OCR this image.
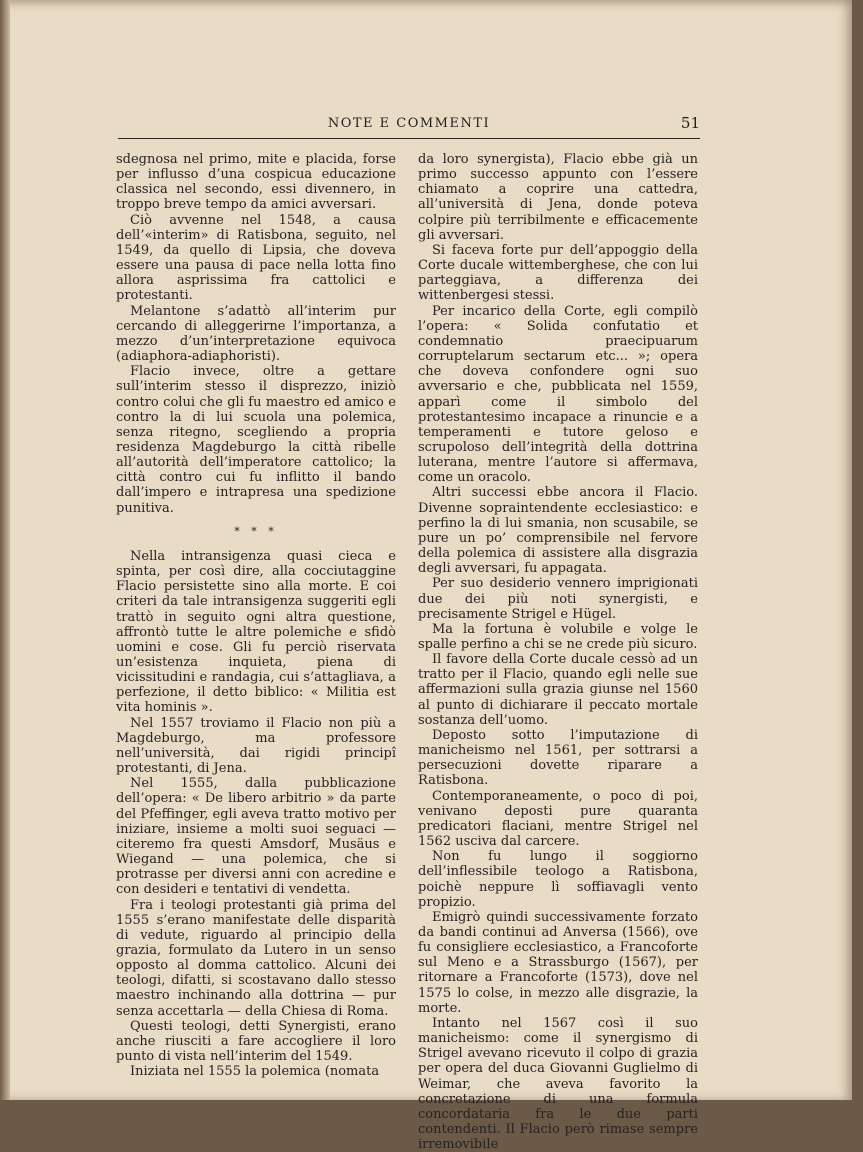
NOTE E COMMENTI	51

sdegnosa nel primo, mite e placida, forse per influsso d’una cospicua educazione classica nel secondo, essi divennero, in troppo breve tempo da amici avversari.

Ciò avvenne nel 1548, a causa dell’«interim» di Ratisbona, seguito, nel 1549, da quello di Lipsia, che doveva essere una pausa di pace nella lotta fino allora asprissima fra cattolici e protestanti.

Melantone s’adattò all’interim pur cercando di alleggerirne l’importanza, a mezzo d’un’interpretazione equivoca (adiaphora-adiaphoristi).

Flacio invece, oltre a gettare sull’interim stesso il disprezzo, iniziò contro colui che gli fu maestro ed amico e contro la di lui scuola una polemica, senza ritegno, scegliendo a propria residenza Magdeburgo la città ribelle all’autorità dell’imperatore cattolico; la città contro cui fu inflitto il bando dall’impero e intrapresa una spedizione punitiva.

* * *

Nella intransigenza quasi cieca e spinta, per così dire, alla cocciutaggine Flacio persistette sino alla morte. E coi criteri da tale intransigenza suggeriti egli trattò in seguito ogni altra questione, affrontò tutte le altre polemiche e sfidò uomini e cose. Gli fu perciò riservata un’esistenza inquieta, piena di vicissitudini e randagia, cui s’attagliava, a perfezione, il detto biblico: « Militia est vita hominis ».

Nel 1557 troviamo il Flacio non più a Magdeburgo, ma professore nell’università, dai rigidi principî protestanti, di Jena.

Nel 1555, dalla pubblicazione dell’opera: « De libero arbitrio » da parte del Pfeffinger, egli aveva tratto motivo per iniziare, insieme a molti suoi seguaci — citeremo fra questi Amsdorf, Musäus e Wiegand — una polemica, che si protrasse per diversi anni con acredine e con desideri e tentativi di vendetta.

Fra i teologi protestanti già prima del 1555 s’erano manifestate delle disparità di vedute, riguardo al principio della grazia, formulato da Lutero in un senso opposto al domma cattolico. Alcuni dei teologi, difatti, si scostavano dallo stesso maestro inchinando alla dottrina — pur senza accettarla — della Chiesa di Roma.

Questi teologi, detti Synergisti, erano anche riusciti a fare accogliere il loro punto di vista nell’interim del 1549.

Iniziata nel 1555 la polemica (nomata

da loro synergista), Flacio ebbe già un primo successo appunto con l’essere chiamato a coprire una cattedra, all’università di Jena, donde poteva colpire più terribilmente e efficacemente gli avversari.

Si faceva forte pur dell’appoggio della Corte ducale wittemberghese, che con lui parteggiava, a differenza dei wittenbergesi stessi.

Per incarico della Corte, egli compilò l’opera: « Solida confutatio et condemnatio praecipuarum corruptelarum sectarum etc... »; opera che doveva confondere ogni suo avversario e che, pubblicata nel 1559, apparì come il simbolo del protestantesimo incapace a rinuncie e a temperamenti e tutore geloso e scrupoloso dell’integrità della dottrina luterana, mentre l’autore si affermava, come un oracolo.

Altri successi ebbe ancora il Flacio. Divenne sopraintendente ecclesiastico: e perfino la di lui smania, non scusabile, se pure un po’ comprensibile nel fervore della polemica di assistere alla disgrazia degli avversari, fu appagata.

Per suo desiderio vennero imprigionati due dei più noti synergisti, e precisamente Strigel e Hügel.

Ma la fortuna è volubile e volge le spalle perfino a chi se ne crede più sicuro.

Il favore della Corte ducale cessò ad un tratto per il Flacio, quando egli nelle sue affermazioni sulla grazia giunse nel 1560 al punto di dichiarare il peccato mortale sostanza dell’uomo.

Deposto sotto l’imputazione di manicheismo nel 1561, per sottrarsi a persecuzioni dovette riparare a Ratisbona.

Contemporaneamente, o poco di poi, venivano deposti pure quaranta predicatori flaciani, mentre Strigel nel 1562 usciva dal carcere.

Non fu lungo il soggiorno dell’inflessibile teologo a Ratisbona, poichè neppure lì soffiavagli vento propizio.

Emigrò quindi successivamente forzato da bandi continui ad Anversa (1566), ove fu consigliere ecclesiastico, a Francoforte sul Meno e a Strassburgo (1567), per ritornare a Francoforte (1573), dove nel 1575 lo colse, in mezzo alle disgrazie, la morte.

Intanto nel 1567 così il suo manicheismo: come il synergismo di Strigel avevano ricevuto il colpo di grazia per opera del duca Giovanni Guglielmo di Weimar, che aveva favorito la concretazione di una formula concordataria fra le due parti contendenti. Il Flacio però rimase sempre irremovibile
